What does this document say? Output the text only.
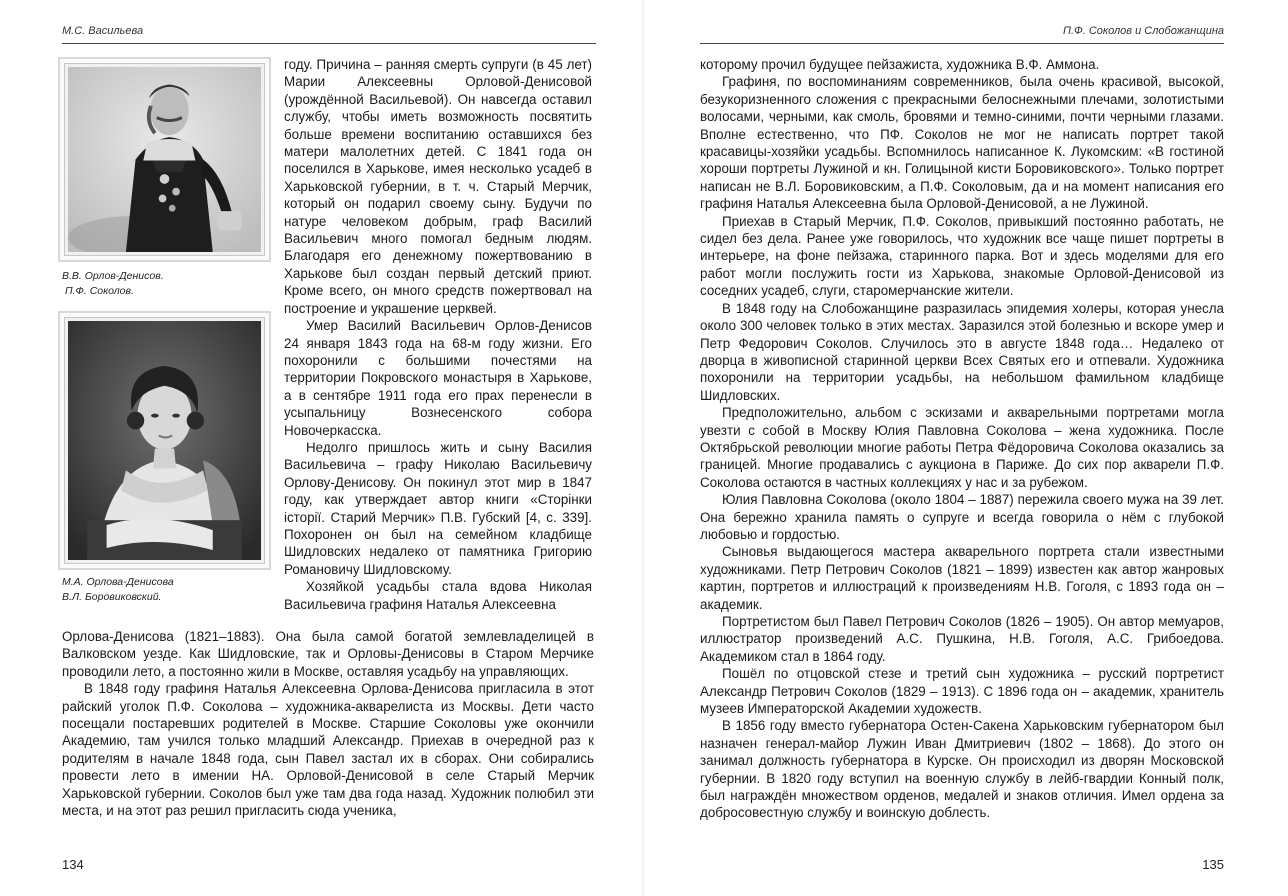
М.С. Васильева
В.В. Орлов-Денисов.
П.Ф. Соколов.
М.А. Орлова-Денисова
В.Л. Боровиковский.

году. Причина – ранняя смерть супруги (в 45 лет) Марии Алексеевны Орловой-Денисовой (урождённой Васильевой). Он навсегда оставил службу, чтобы иметь возможность посвятить больше времени воспитанию оставшихся без матери малолетних детей. С 1841 года он поселился в Харькове, имея несколько усадеб в Харьковской губернии, в т. ч. Старый Мерчик, который он подарил своему сыну. Будучи по натуре человеком добрым, граф Василий Васильевич много помогал бедным людям. Благодаря его денежному пожертвованию в Харькове был создан первый детский приют. Кроме всего, он много средств пожертвовал на построение и украшение церквей.

Умер Василий Васильевич Орлов-Денисов 24 января 1843 года на 68-м году жизни. Его похоронили с большими почестями на территории Покровского монастыря в Харькове, а в сентябре 1911 года его прах перенесли в усыпальницу Вознесенского собора Новочеркасска.

Недолго пришлось жить и сыну Василия Васильевича – графу Николаю Васильевичу Орлову-Денисову. Он покинул этот мир в 1847 году, как утверждает автор книги «Сторінки історії. Старий Мерчик» П.В. Губский [4, с. 339]. Похоронен он был на семейном кладбище Шидловских недалеко от памятника Григорию Романовичу Шидловскому.

Хозяйкой усадьбы стала вдова Николая Васильевича графиня Наталья Алексеевна

Орлова-Денисова (1821–1883). Она была самой богатой землевладелицей в Валковском уезде. Как Шидловские, так и Орловы-Денисовы в Старом Мерчике проводили лето, а постоянно жили в Москве, оставляя усадьбу на управляющих.

В 1848 году графиня Наталья Алексеевна Орлова-Денисова пригласила в этот райский уголок П.Ф. Соколова – художника-акварелиста из Москвы. Дети часто посещали постаревших родителей в Москве. Старшие Соколовы уже окончили Академию, там учился только младший Александр. Приехав в очередной раз к родителям в начале 1848 года, сын Павел застал их в сборах. Они собирались провести лето в имении НА. Орловой-Денисовой в селе Старый Мерчик Харьковской губернии. Соколов был уже там два года назад. Художник полюбил эти места, и на этот раз решил пригласить сюда ученика,

134
П.Ф. Соколов и Слобожанщина

которому прочил будущее пейзажиста, художника В.Ф. Аммона.

Графиня, по воспоминаниям современников, была очень красивой, высокой, безукоризненного сложения с прекрасными белоснежными плечами, золотистыми волосами, черными, как смоль, бровями и темно-синими, почти черными глазами. Вполне естественно, что ПФ. Соколов не мог не написать портрет такой красавицы-хозяйки усадьбы. Вспомнилось написанное К. Лукомским: «В гостиной хороши портреты Лужиной и кн. Голицыной кисти Боровиковского». Только портрет написан не В.Л. Боровиковским, а П.Ф. Соколовым, да и на момент написания его графиня Наталья Алексеевна была Орловой-Денисовой, а не Лужиной.

Приехав в Старый Мерчик, П.Ф. Соколов, привыкший постоянно работать, не сидел без дела. Ранее уже говорилось, что художник все чаще пишет портреты в интерьере, на фоне пейзажа, старинного парка. Вот и здесь моделями для его работ могли послужить гости из Харькова, знакомые Орловой-Денисовой из соседних усадеб, слуги, старомерчанские жители.

В 1848 году на Слобожанщине разразилась эпидемия холеры, которая унесла около 300 человек только в этих местах. Заразился этой болезнью и вскоре умер и Петр Федорович Соколов. Случилось это в августе 1848 года… Недалеко от дворца в живописной старинной церкви Всех Святых его и отпевали. Художника похоронили на территории усадьбы, на небольшом фамильном кладбище Шидловских.

Предположительно, альбом с эскизами и акварельными портретами могла увезти с собой в Москву Юлия Павловна Соколова – жена художника. После Октябрьской революции многие работы Петра Фёдоровича Соколова оказались за границей. Многие продавались с аукциона в Париже. До сих пор акварели П.Ф. Соколова остаются в частных коллекциях у нас и за рубежом.

Юлия Павловна Соколова (около 1804 – 1887) пережила своего мужа на 39 лет. Она бережно хранила память о супруге и всегда говорила о нём с глубокой любовью и гордостью.

Сыновья выдающегося мастера акварельного портрета стали известными художниками. Петр Петрович Соколов (1821 – 1899) известен как автор жанровых картин, портретов и иллюстраций к произведениям Н.В. Гоголя, с 1893 года он – академик.

Портретистом был Павел Петрович Соколов (1826 – 1905). Он автор мемуаров, иллюстратор произведений А.С. Пушкина, Н.В. Гоголя, А.С. Грибоедова. Академиком стал в 1864 году.

Пошёл по отцовской стезе и третий сын художника – русский портретист Александр Петрович Соколов (1829 – 1913). С 1896 года он – академик, хранитель музеев Императорской Академии художеств.

В 1856 году вместо губернатора Остен-Сакена Харьковским губернатором был назначен генерал-майор Лужин Иван Дмитриевич (1802 – 1868). До этого он занимал должность губернатора в Курске. Он происходил из дворян Московской губернии. В 1820 году вступил на военную службу в лейб-гвардии Конный полк, был награждён множеством орденов, медалей и знаков отличия. Имел ордена за добросовестную службу и воинскую доблесть.

135
